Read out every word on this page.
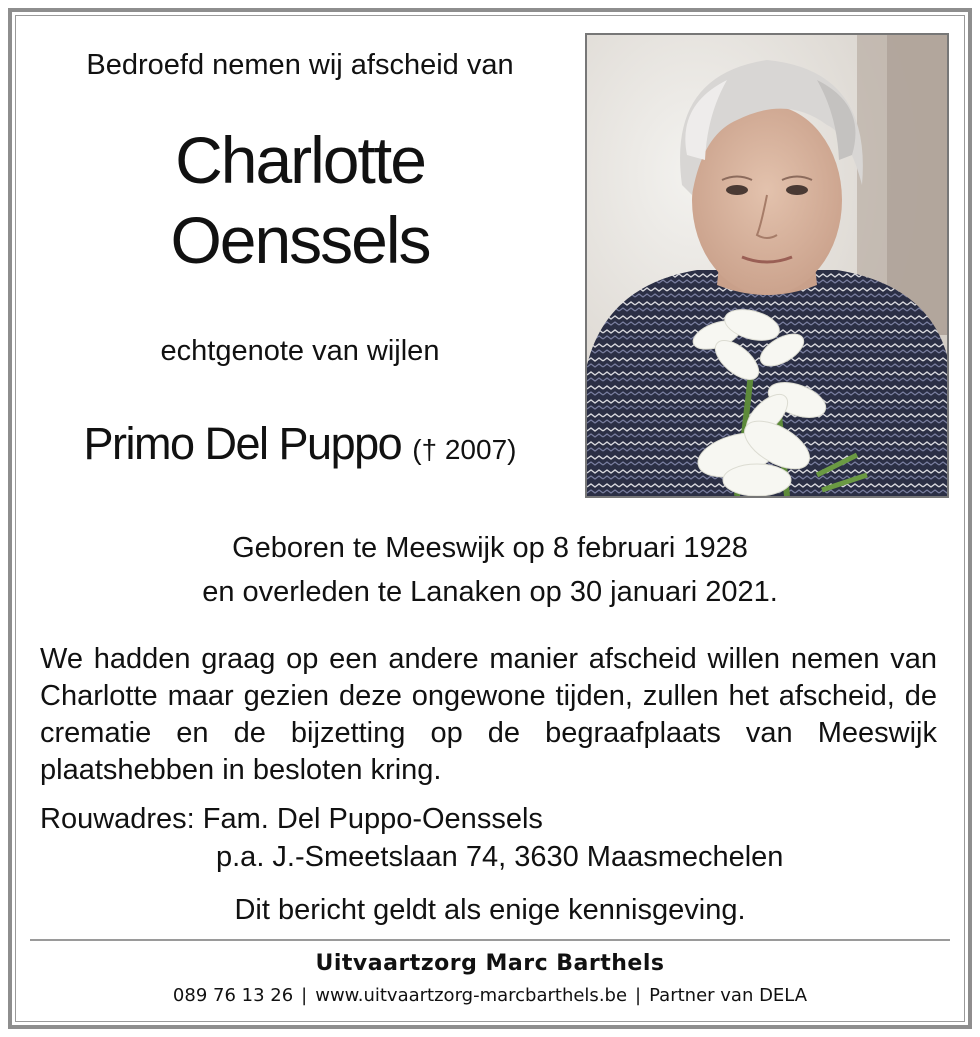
Bedroefd nemen wij afscheid van
Charlotte
Oenssels
echtgenote van wijlen
Primo Del Puppo († 2007)
Geboren te Meeswijk op 8 februari 1928
en overleden te Lanaken op 30 januari 2021.

We hadden graag op een andere manier afscheid willen nemen van Charlotte maar gezien deze ongewone tijden, zullen het afscheid, de crematie en de bijzetting op de begraafplaats van Meeswijk plaatshebben in besloten kring.

Rouwadres: Fam. Del Puppo-Oenssels
p.a. J.-Smeetslaan 74, 3630 Maasmechelen
Dit bericht geldt als enige kennisgeving.
Uitvaartzorg Marc Barthels
089 76 13 26 | www.uitvaartzorg-marcbarthels.be | Partner van DELA
